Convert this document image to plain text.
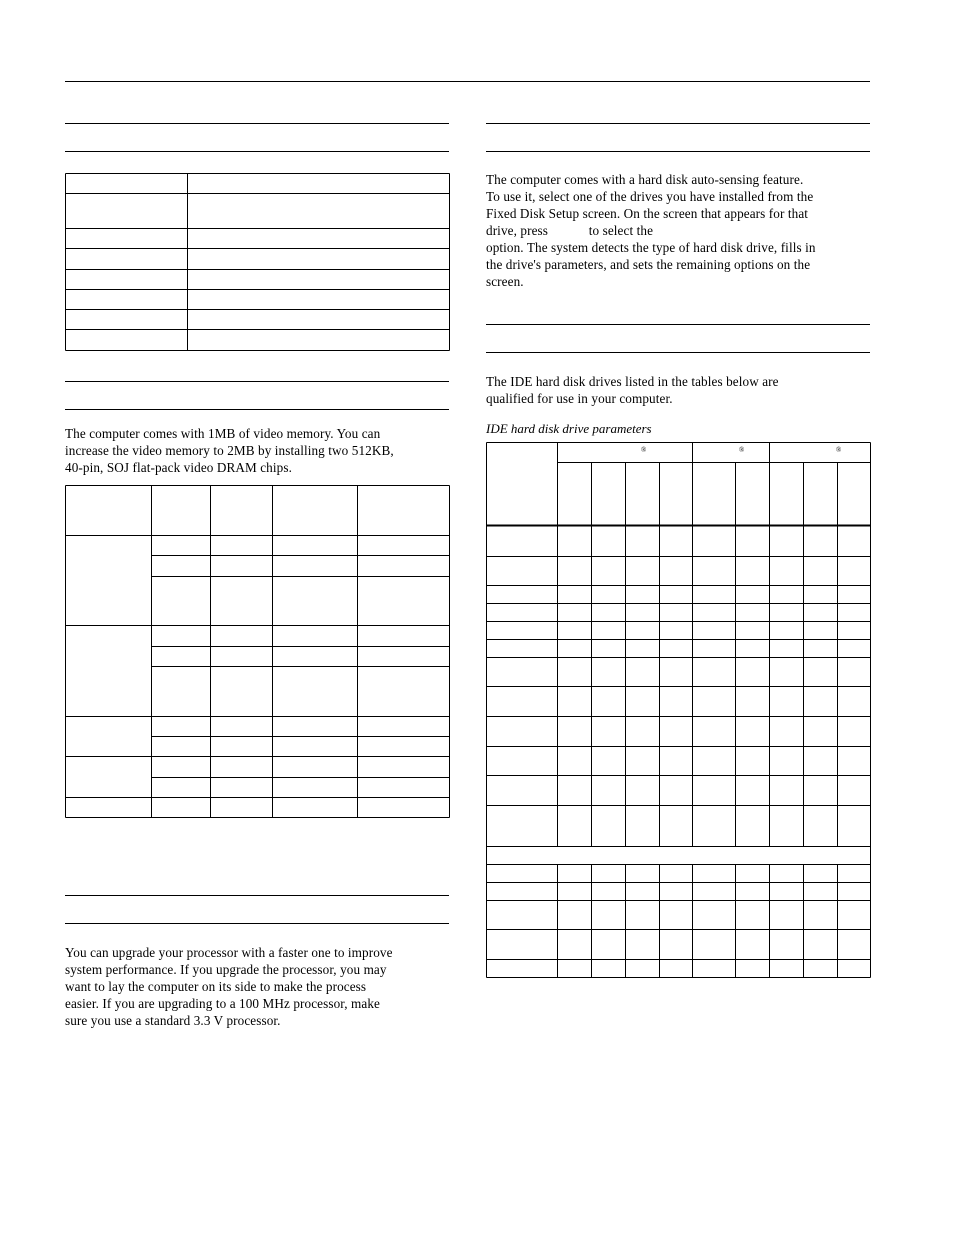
The computer comes with 1MB of video memory. You can

increase the video memory to 2MB by installing two 512KB,

40-pin, SOJ flat-pack video DRAM chips.

You can upgrade your processor with a faster one to improve

system performance. If you upgrade the processor, you may

want to lay the computer on its side to make the process

easier. If you are upgrading to a 100 MHz processor, make

sure you use a standard 3.3 V processor.

The computer comes with a hard disk auto-sensing feature.

To use it, select one of the drives you have installed from the

Fixed Disk Setup screen. On the screen that appears for that

drive, press            to select the

option. The system detects the type of hard disk drive, fills in

the drive's parameters, and sets the remaining options on the

screen.

The IDE hard disk drives listed in the tables below are

qualified for use in your computer.

IDE hard disk drive parameters
®	®	®
